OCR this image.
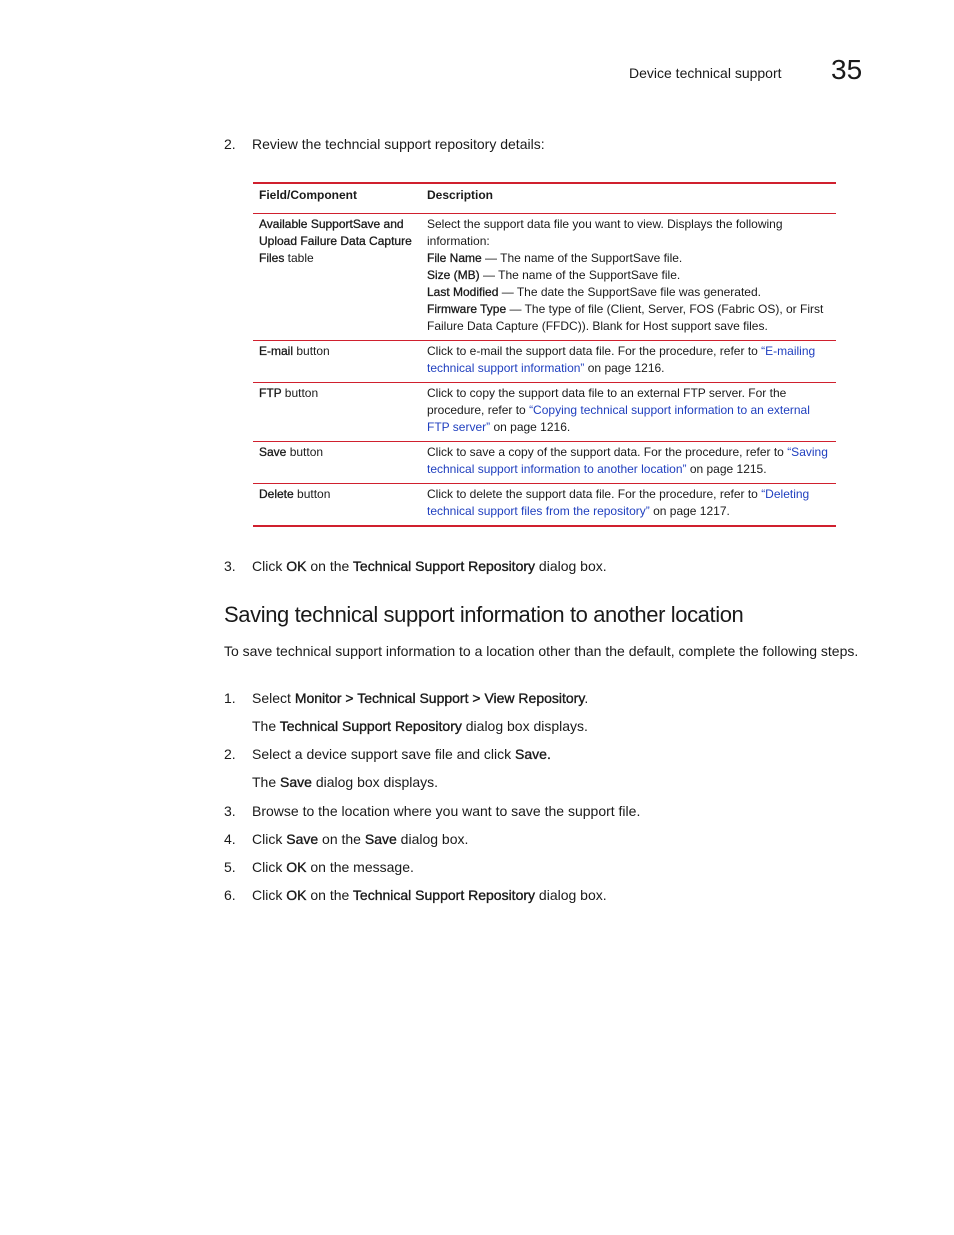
Device technical support 35
2. Review the techncial support repository details:
Field/Component	Description
Available SupportSave and Upload Failure Data Capture Files table	Select the support data file you want to view. Displays the following information:
File Name — The name of the SupportSave file.
Size (MB) — The name of the SupportSave file.
Last Modified — The date the SupportSave file was generated.
Firmware Type — The type of file (Client, Server, FOS (Fabric OS), or First Failure Data Capture (FFDC)). Blank for Host support save files.

E-mail button	Click to e-mail the support data file. For the procedure, refer to “E-mailing technical support information” on page 1216.
FTP button	Click to copy the support data file to an external FTP server. For the procedure, refer to “Copying technical support information to an external FTP server” on page 1216.
Save button	Click to save a copy of the support data. For the procedure, refer to “Saving technical support information to another location” on page 1215.
Delete button	Click to delete the support data file. For the procedure, refer to “Deleting technical support files from the repository” on page 1217.
3. Click OK on the Technical Support Repository dialog box.
Saving technical support information to another location
To save technical support information to a location other than the default, complete the following steps.
1. Select Monitor > Technical Support > View Repository.
The Technical Support Repository dialog box displays.
2. Select a device support save file and click Save.
The Save dialog box displays.
3. Browse to the location where you want to save the support file.
4. Click Save on the Save dialog box.
5. Click OK on the message.
6. Click OK on the Technical Support Repository dialog box.
